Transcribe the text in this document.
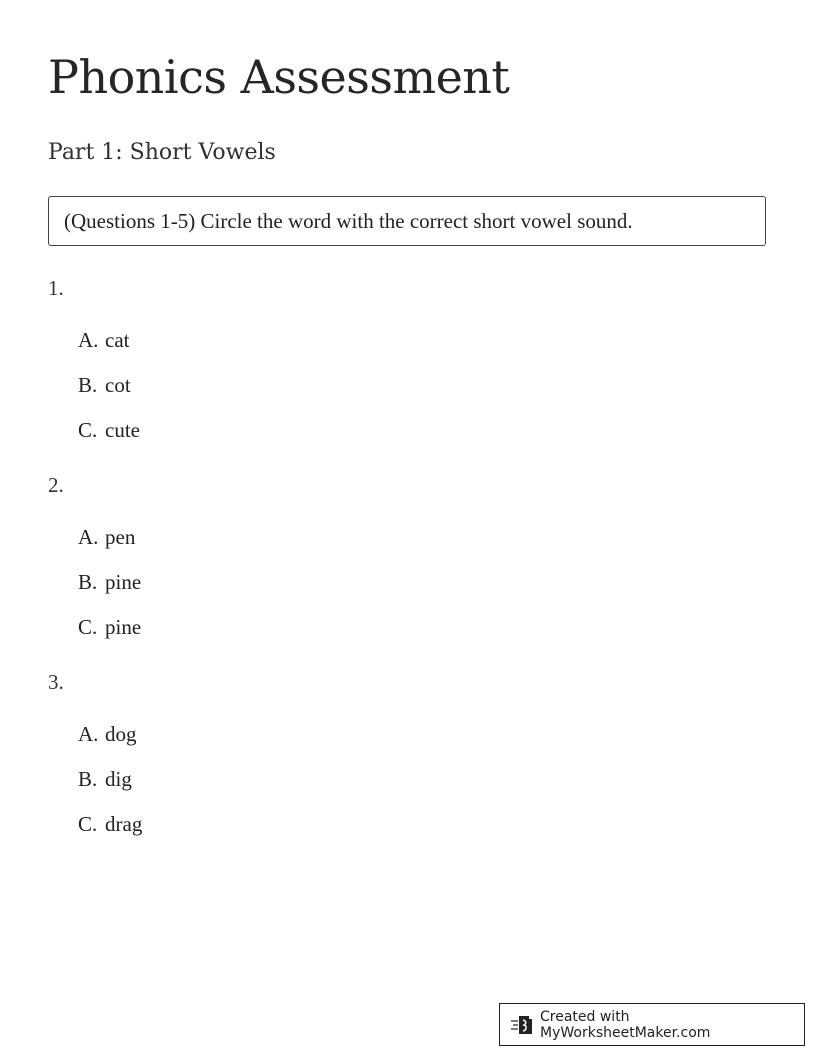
Phonics Assessment
Part 1: Short Vowels
(Questions 1-5) Circle the word with the correct short vowel sound.
1.
A. cat
B. cot
C. cute
2.
A. pen
B. pine
C. pine
3.
A. dog
B. dig
C. drag
Created with MyWorksheetMaker.com
